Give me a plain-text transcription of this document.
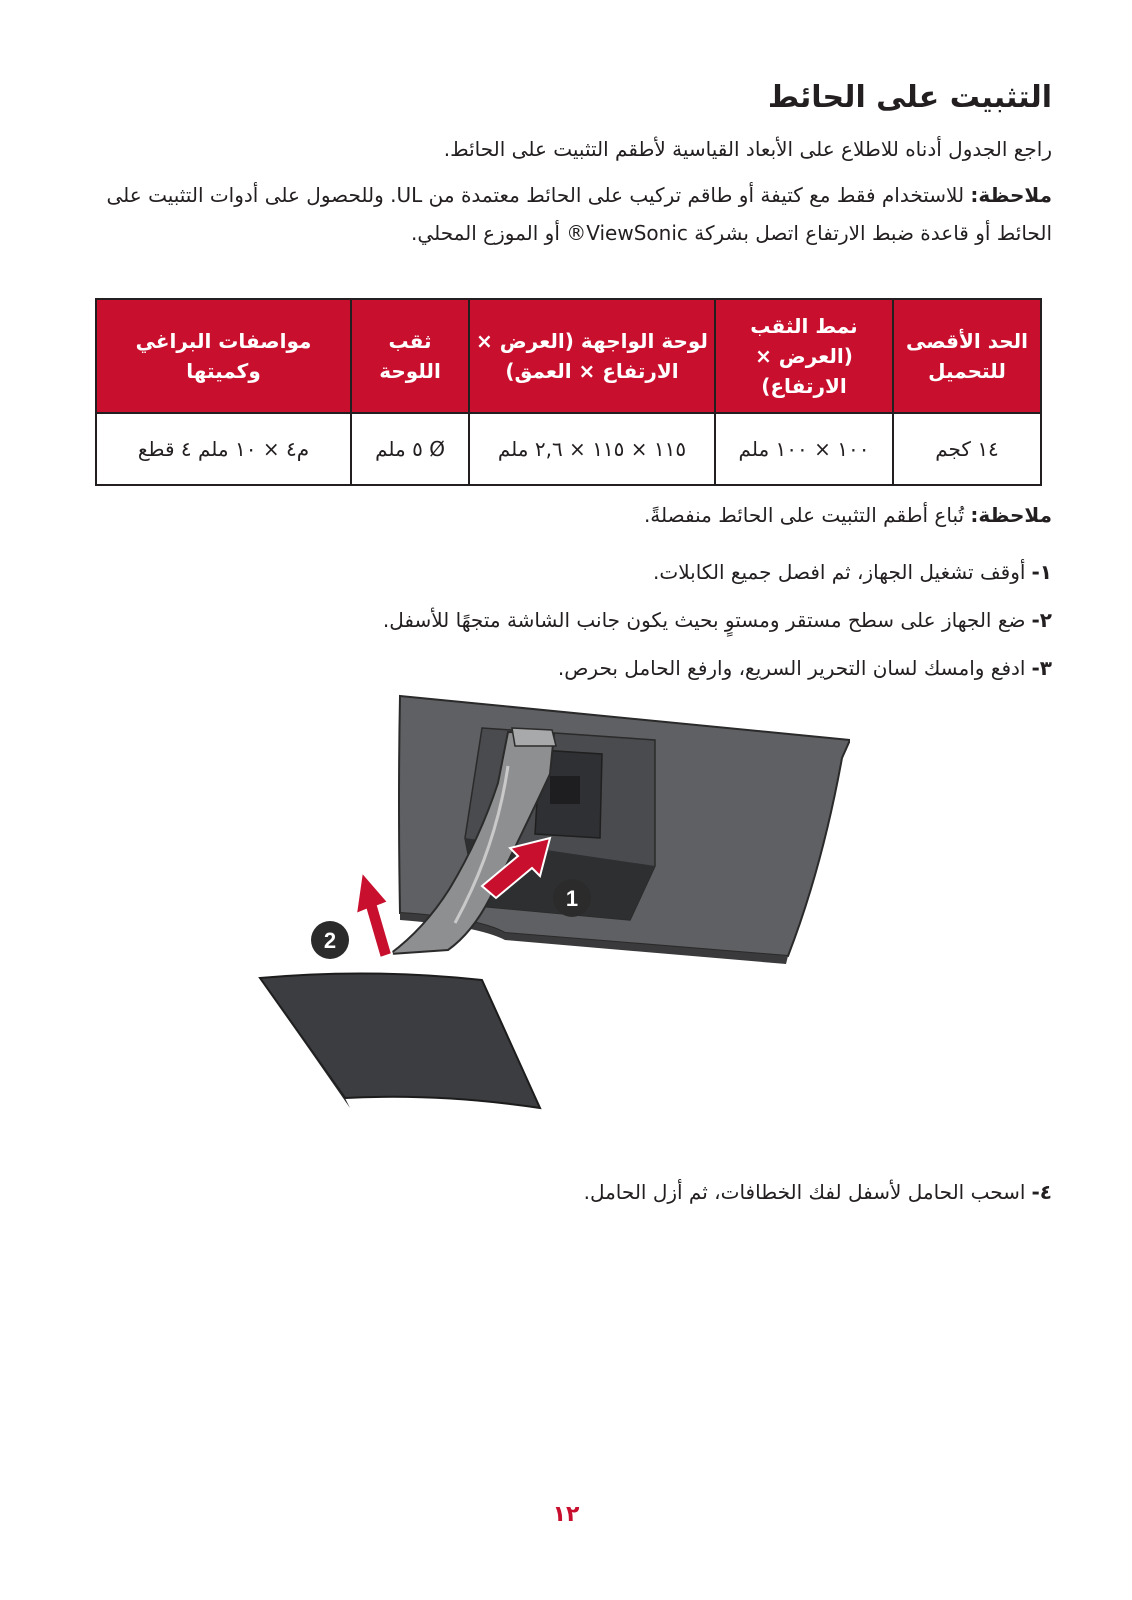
التثبيت على الحائط

راجع الجدول أدناه للاطلاع على الأبعاد القياسية لأطقم التثبيت على الحائط.

ملاحظة: للاستخدام فقط مع كتيفة أو طاقم تركيب على الحائط معتمدة من UL. وللحصول على أدوات التثبيت على الحائط أو قاعدة ضبط الارتفاع اتصل بشركة ViewSonic® أو الموزع المحلي.

الحد الأقصى للتحميل	نمط الثقب (العرض × الارتفاع)	لوحة الواجهة (العرض × الارتفاع × العمق)	ثقب اللوحة	مواصفات البراغي وكميتها
١٤ كجم	١٠٠ × ١٠٠ ملم	١١٥ × ١١٥ × ٢,٦ ملم	Ø ٥ ملم	م٤ × ١٠ ملم ٤ قطع

ملاحظة: تُباع أطقم التثبيت على الحائط منفصلةً.

١-أوقف تشغيل الجهاز، ثم افصل جميع الكابلات.
٢-ضع الجهاز على سطح مستقر ومستوٍ بحيث يكون جانب الشاشة متجهًا للأسفل.
٣-ادفع وامسك لسان التحرير السريع، وارفع الحامل بحرص.
1
2

٤-اسحب الحامل لأسفل لفك الخطافات، ثم أزل الحامل.

١٢
